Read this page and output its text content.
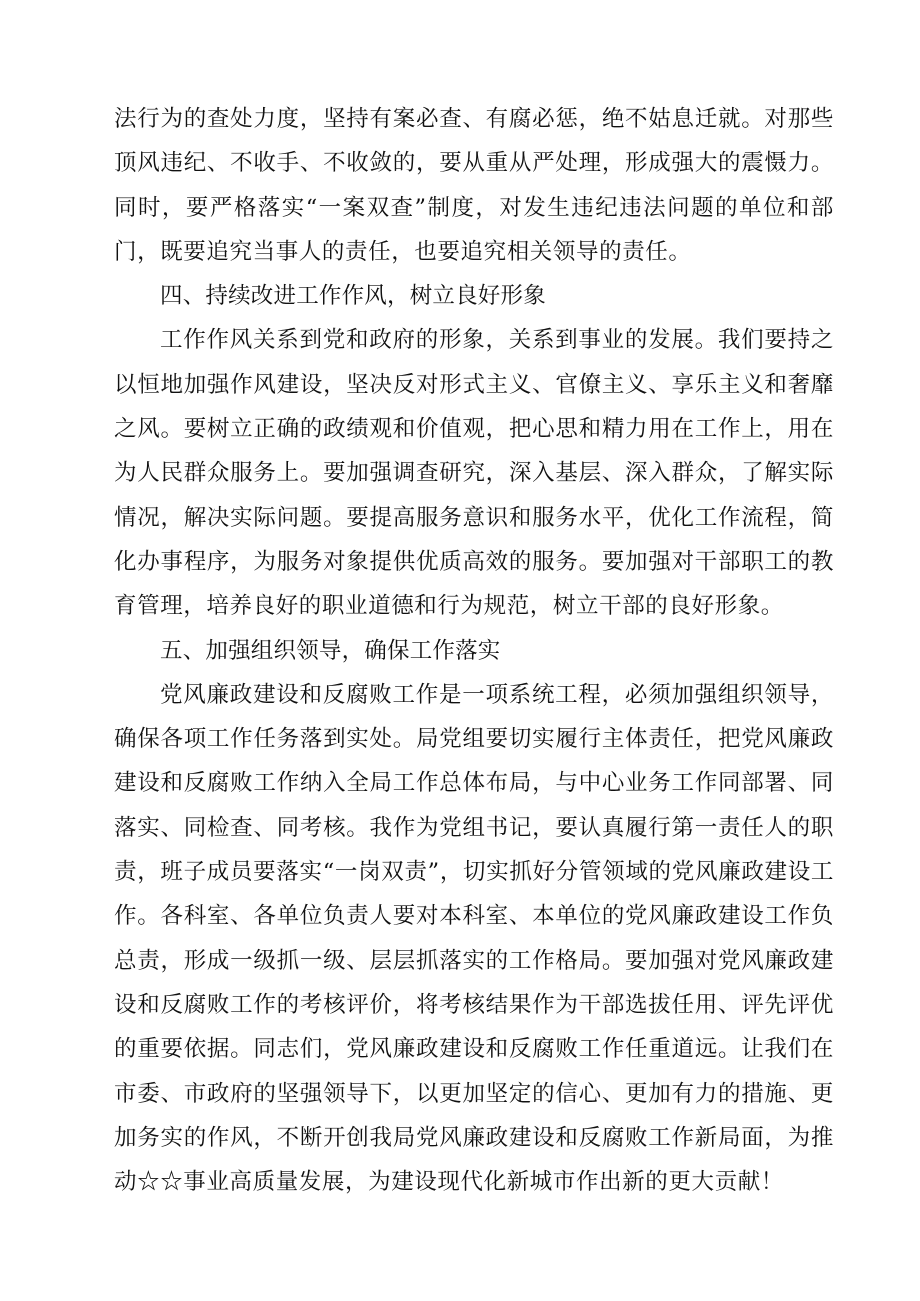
法行为的查处力度，坚持有案必查、有腐必惩，绝不姑息迁就。对那些顶风违纪、不收手、不收敛的，要从重从严处理，形成强大的震慑力。同时，要严格落实“一案双查”制度，对发生违纪违法问题的单位和部门，既要追究当事人的责任，也要追究相关领导的责任。

四、持续改进工作作风，树立良好形象

工作作风关系到党和政府的形象，关系到事业的发展。我们要持之以恒地加强作风建设，坚决反对形式主义、官僚主义、享乐主义和奢靡之风。要树立正确的政绩观和价值观，把心思和精力用在工作上，用在为人民群众服务上。要加强调查研究，深入基层、深入群众，了解实际情况，解决实际问题。要提高服务意识和服务水平，优化工作流程，简化办事程序，为服务对象提供优质高效的服务。要加强对干部职工的教育管理，培养良好的职业道德和行为规范，树立干部的良好形象。

五、加强组织领导，确保工作落实

党风廉政建设和反腐败工作是一项系统工程，必须加强组织领导，确保各项工作任务落到实处。局党组要切实履行主体责任，把党风廉政建设和反腐败工作纳入全局工作总体布局，与中心业务工作同部署、同落实、同检查、同考核。我作为党组书记，要认真履行第一责任人的职责，班子成员要落实“一岗双责”，切实抓好分管领域的党风廉政建设工作。各科室、各单位负责人要对本科室、本单位的党风廉政建设工作负总责，形成一级抓一级、层层抓落实的工作格局。要加强对党风廉政建设和反腐败工作的考核评价，将考核结果作为干部选拔任用、评先评优的重要依据。同志们，党风廉政建设和反腐败工作任重道远。让我们在市委、市政府的坚强领导下，以更加坚定的信心、更加有力的措施、更加务实的作风，不断开创我局党风廉政建设和反腐败工作新局面，为推动☆☆事业高质量发展，为建设现代化新城市作出新的更大贡献！
